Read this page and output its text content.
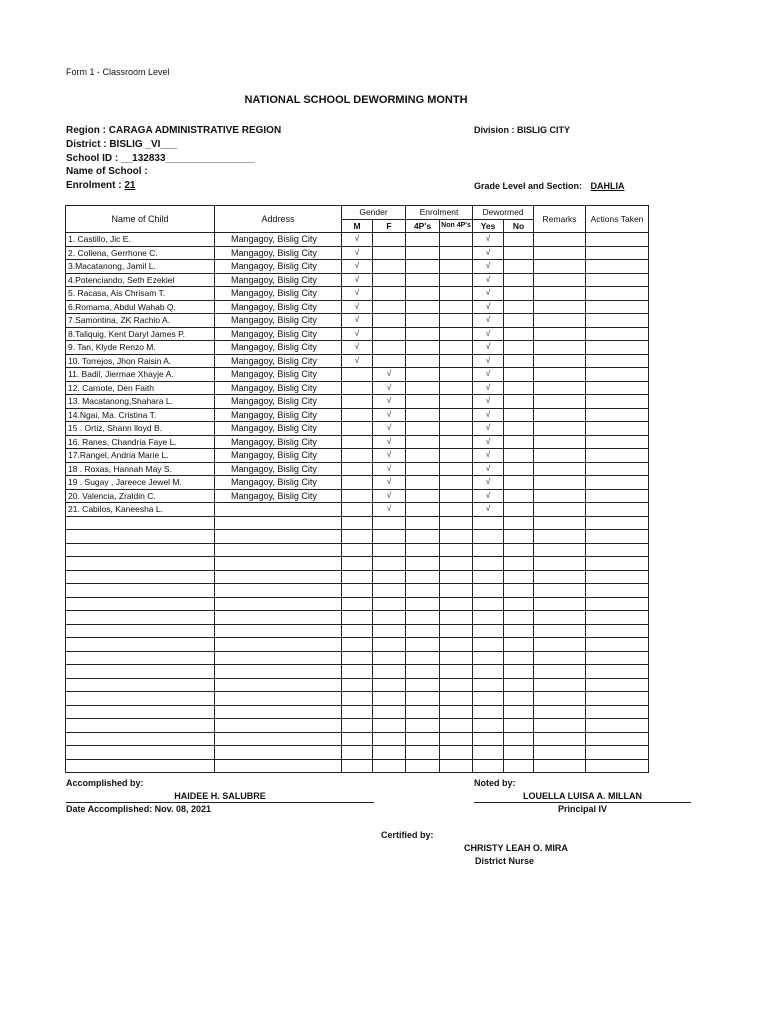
Form 1 - Classroom Level
NATIONAL SCHOOL DEWORMING MONTH
Region : CARAGA ADMINISTRATIVE REGION	Division : BISLIG CITY
District : BISLIG _VI___
School ID : __132833________________
Name of School :
Enrolment : 21	Grade Level and Section: DAHLIA
Name of Child	Address	Gender		Enrolment		Dewormed		Remarks	Actions Taken
		M	F	4P's	Non 4P's	Yes	No		
1. Castillo, Jic E.	Mangagoy, Bislig City	√				√			
2. Collena, Gerrhone C.	Mangagoy, Bislig City	√				√			
3.Macatanong, Jamil L.	Mangagoy, Bislig City	√				√			
4.Potenciando, Seth Ezekiel	Mangagoy, Bislig City	√				√			
5. Racasa, Ais Chrisam T.	Mangagoy, Bislig City	√				√			
6.Romama, Abdul Wahab Q.	Mangagoy, Bislig City	√				√			
7.Samontina, ZK Rachio A.	Mangagoy, Bislig City	√				√			
8.Taliquig, Kent Daryl James P.	Mangagoy, Bislig City	√				√			
9. Tan, Klyde Renzo M.	Mangagoy, Bislig City	√				√			
10. Torrejos, Jhon Raisin A.	Mangagoy, Bislig City	√				√			
11. Badil, Jiermae Xhayje A.	Mangagoy, Bislig City		√			√			
12. Carnote, Den Faith	Mangagoy, Bislig City		√			√			
13. Macatanong,Shahara L.	Mangagoy, Bislig City		√			√			
14.Ngai, Ma. Cristina T.	Mangagoy, Bislig City		√			√			
15 . Ortiz, Shann lloyd B.	Mangagoy, Bislig City		√			√			
16. Ranes, Chandria Faye L.	Mangagoy, Bislig City		√			√			
17.Rangel, Andria Marie L.	Mangagoy, Bislig City		√			√			
18 . Roxas, Hannah May S.	Mangagoy, Bislig City		√			√			
19 . Sugay , Jareece Jewel M.	Mangagoy, Bislig City		√			√			
20. Valencia, Zraldin C.	Mangagoy, Bislig City		√			√			
21. Cabilos, Kaneesha L.			√			√			

Accomplished by:
HAIDEE H. SALUBRE
Date Accomplished: Nov. 08, 2021
Noted by:
LOUELLA LUISA A. MILLAN
Principal IV
Certified by:
CHRISTY LEAH O. MIRA
District Nurse
